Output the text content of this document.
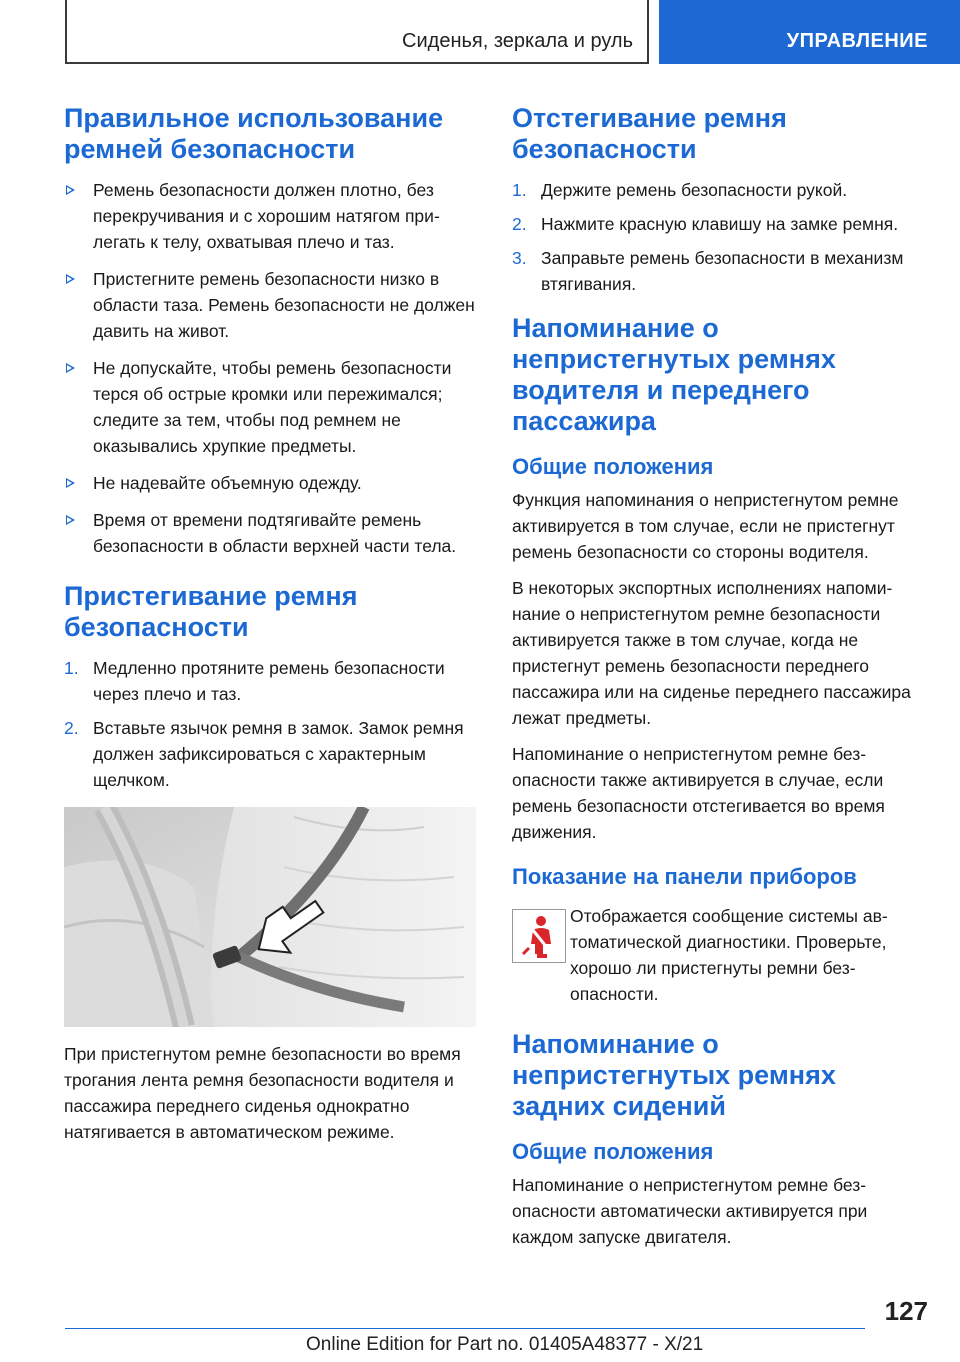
Сиденья, зеркала и руль	УПРАВЛЕНИЕ
Правильное использование ремней безопасности
Ремень безопасности должен плотно, без перекручивания и с хорошим натягом прилегать к телу, охватывая плечо и таз.
Пристегните ремень безопасности низко в области таза. Ремень безопасности не должен давить на живот.
Не допускайте, чтобы ремень безопасности терся об острые кромки или пережимался; следите за тем, чтобы под ремнем не оказывались хрупкие предметы.
Не надевайте объемную одежду.
Время от времени подтягивайте ремень безопасности в области верхней части тела.
Пристегивание ремня безопасности
1. Медленно протяните ремень безопасности через плечо и таз.
2. Вставьте язычок ремня в замок. Замок ремня должен зафиксироваться с характерным щелчком.
При пристегнутом ремне безопасности во время трогания лента ремня безопасности водителя и пассажира переднего сиденья однократно натягивается в автоматическом режиме.
Отстегивание ремня безопасности
1. Держите ремень безопасности рукой.
2. Нажмите красную клавишу на замке ремня.
3. Заправьте ремень безопасности в механизм втягивания.
Напоминание о непристегнутых ремнях водителя и переднего пассажира
Общие положения
Функция напоминания о непристегнутом ремне активируется в том случае, если не пристегнут ремень безопасности со стороны водителя.
В некоторых экспортных исполнениях напоминание о непристегнутом ремне безопасности активируется также в том случае, когда не пристегнут ремень безопасности переднего пассажира или на сиденье переднего пассажира лежат предметы.
Напоминание о непристегнутом ремне безопасности также активируется в случае, если ремень безопасности отстегивается во время движения.
Показание на панели приборов
Отображается сообщение системы автоматической диагностики. Проверьте, хорошо ли пристегнуты ремни безопасности.
Напоминание о непристегнутых ремнях задних сидений
Общие положения
Напоминание о непристегнутом ремне безопасности автоматически активируется при каждом запуске двигателя.
127
Online Edition for Part no. 01405A48377 - X/21
